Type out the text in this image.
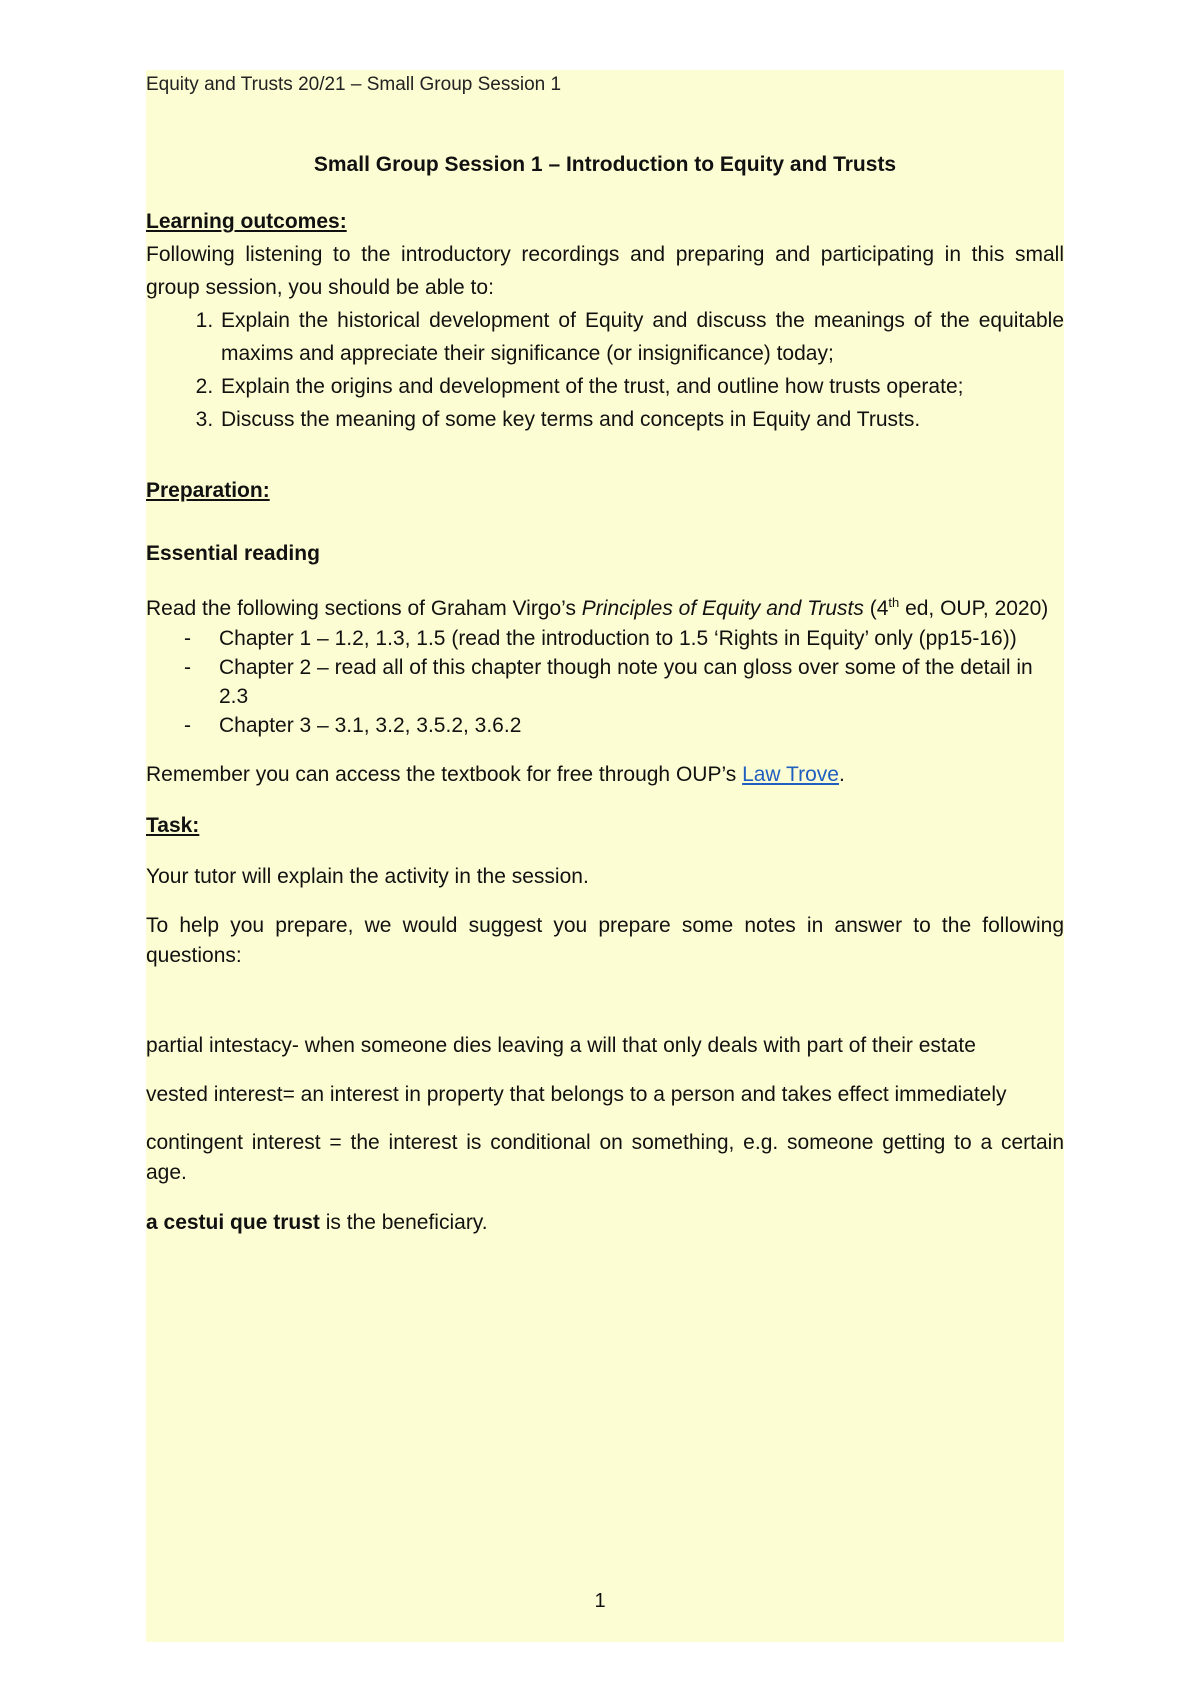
Equity and Trusts 20/21 – Small Group Session 1

Small Group Session 1 – Introduction to Equity and Trusts

Learning outcomes:

Following listening to the introductory recordings and preparing and participating in this small group session, you should be able to:

1. Explain the historical development of Equity and discuss the meanings of the equitable maxims and appreciate their significance (or insignificance) today;
2. Explain the origins and development of the trust, and outline how trusts operate;
3. Discuss the meaning of some key terms and concepts in Equity and Trusts.

Preparation:

Essential reading

Read the following sections of Graham Virgo’s Principles of Equity and Trusts (4th ed, OUP, 2020)

- Chapter 1 – 1.2, 1.3, 1.5 (read the introduction to 1.5 ‘Rights in Equity’ only (pp15-16))
- Chapter 2 – read all of this chapter though note you can gloss over some of the detail in 2.3
- Chapter 3 – 3.1, 3.2, 3.5.2, 3.6.2

Remember you can access the textbook for free through OUP’s Law Trove.

Task:

Your tutor will explain the activity in the session.

To help you prepare, we would suggest you prepare some notes in answer to the following questions:

partial intestacy- when someone dies leaving a will that only deals with part of their estate

vested interest= an interest in property that belongs to a person and takes effect immediately

contingent interest = the interest is conditional on something, e.g. someone getting to a certain age.

a cestui que trust is the beneficiary.

1
